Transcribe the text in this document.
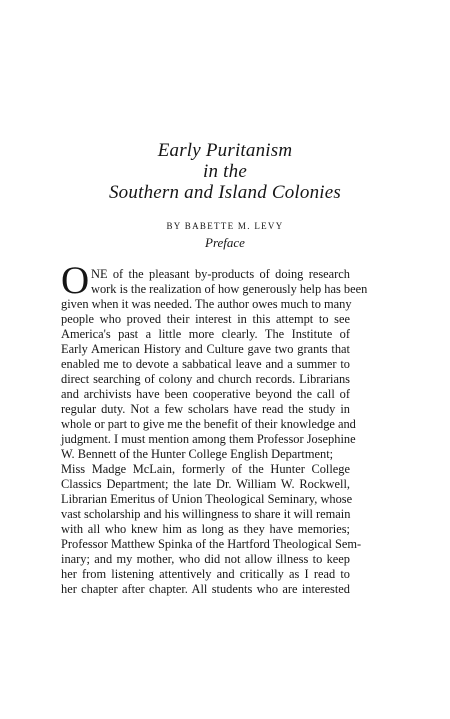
Early Puritanism
in the
Southern and Island Colonies
BY BABETTE M. LEVY
Preface
O NE of the pleasant by-products of doing research
work is the realization of how generously help has been
given when it was needed. The author owes much to many
people who proved their interest in this attempt to see
America's past a little more clearly. The Institute of
Early American History and Culture gave two grants that
enabled me to devote a sabbatical leave and a summer to
direct searching of colony and church records. Librarians
and archivists have been cooperative beyond the call of
regular duty. Not a few scholars have read the study in
whole or part to give me the benefit of their knowledge and
judgment. I must mention among them Professor Josephine
W. Bennett of the Hunter College English Department;
Miss Madge McLain, formerly of the Hunter College
Classics Department; the late Dr. William W. Rockwell,
Librarian Emeritus of Union Theological Seminary, whose
vast scholarship and his willingness to share it will remain
with all who knew him as long as they have memories;
Professor Matthew Spinka of the Hartford Theological Sem-
inary; and my mother, who did not allow illness to keep
her from listening attentively and critically as I read to
her chapter after chapter. All students who are interested
